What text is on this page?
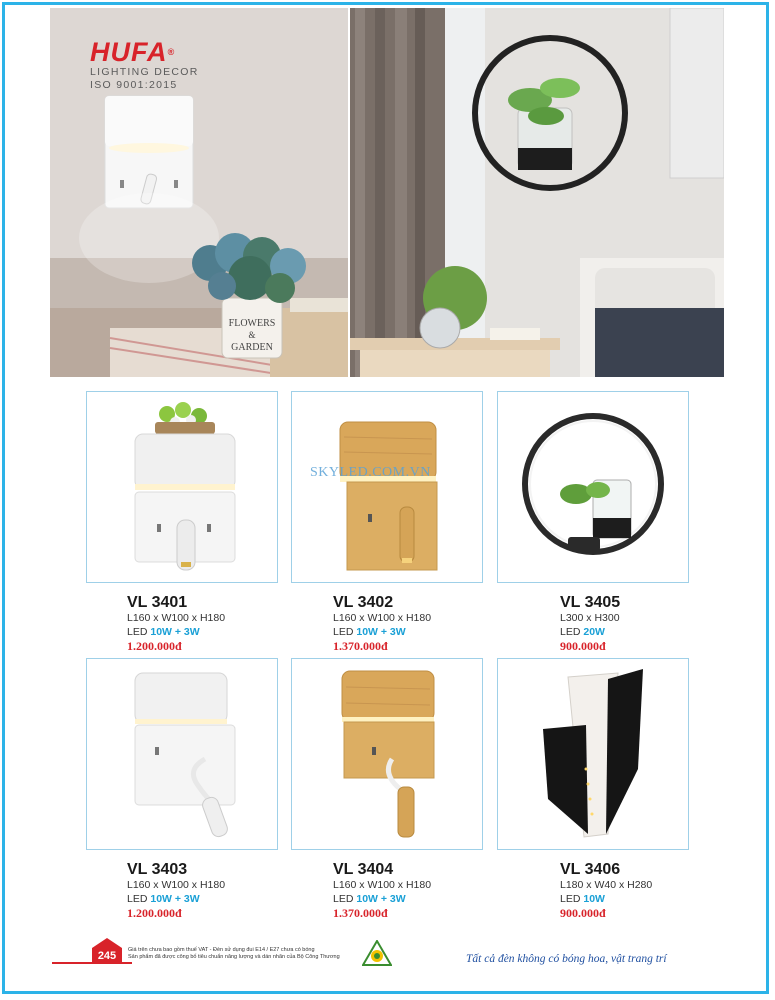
FLOWERS
&
GARDEN
HUFA®
LIGHTING DECOR
ISO 9001:2015
VL 3401
L160 x W100 x H180
LED 10W + 3W
1.200.000đ
VL 3402
L160 x W100 x H180
LED 10W + 3W
1.370.000đ
VL 3405
L300 x H300
LED 20W
900.000đ
VL 3403
L160 x W100 x H180
LED 10W + 3W
1.200.000đ
VL 3404
L160 x W100 x H180
LED 10W + 3W
1.370.000đ
VL 3406
L180 x W40 x H280
LED 10W
900.000đ
SKYLED.COM.VN
245	Giá trên chưa bao gồm thuế VAT - Đèn sử dụng đui E14 / E27 chưa có bóng
Sản phẩm đã được công bố tiêu chuẩn năng lượng và dán nhãn của Bộ Công Thương	Tất cả đèn không có bóng hoa, vật trang trí
